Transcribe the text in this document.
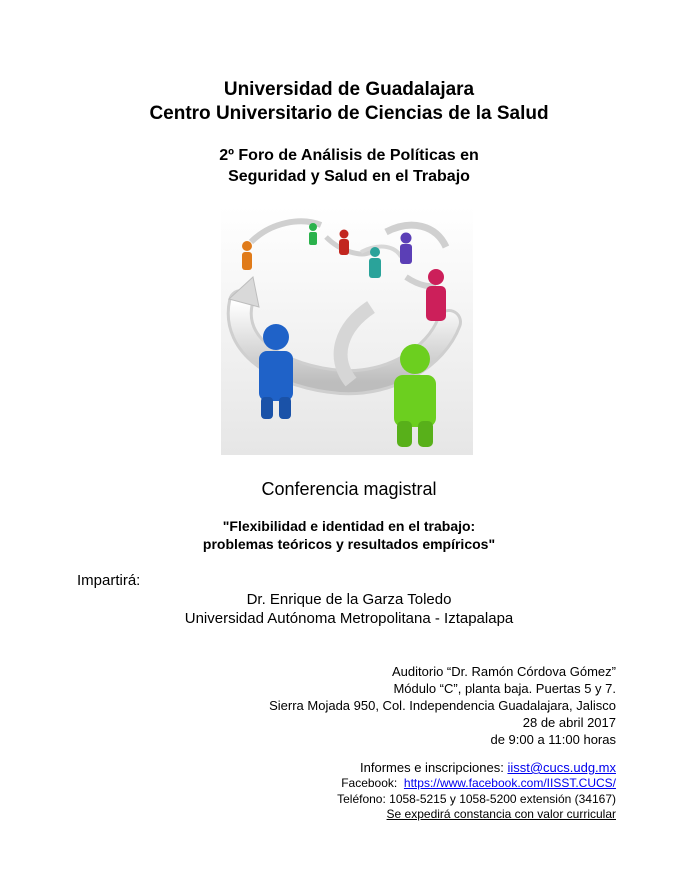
Universidad de Guadalajara
Centro Universitario de Ciencias de la Salud
2º Foro de Análisis de Políticas en
Seguridad y Salud en el Trabajo
Conferencia magistral
"Flexibilidad e identidad en el trabajo:
problemas teóricos y resultados empíricos"
Impartirá:
Dr. Enrique de la Garza Toledo
Universidad Autónoma Metropolitana - Iztapalapa
Auditorio “Dr. Ramón Córdova Gómez”
Módulo “C”, planta baja. Puertas 5 y 7.
Sierra Mojada 950, Col. Independencia Guadalajara, Jalisco
28 de abril 2017
de 9:00 a 11:00 horas
Informes e inscripciones: iisst@cucs.udg.mx
Facebook: https://www.facebook.com/IISST.CUCS/
Teléfono: 1058-5215 y 1058-5200 extensión (34167)
Se expedirá constancia con valor curricular
